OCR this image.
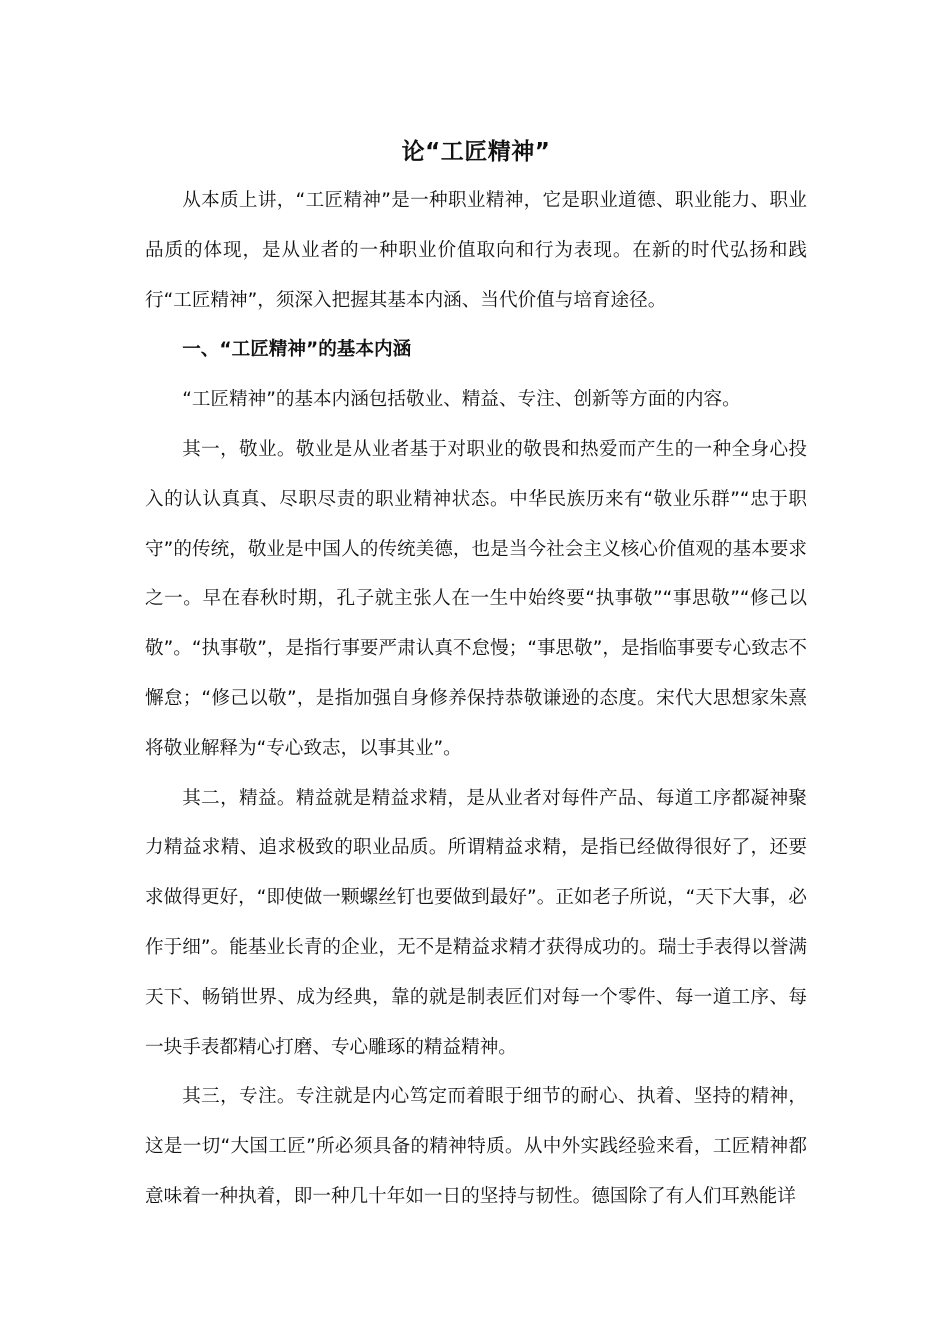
论“工匠精神”

从本质上讲，“工匠精神”是一种职业精神，它是职业道德、职业能力、职业品质的体现，是从业者的一种职业价值取向和行为表现。在新的时代弘扬和践行“工匠精神”，须深入把握其基本内涵、当代价值与培育途径。

一、“工匠精神”的基本内涵

“工匠精神”的基本内涵包括敬业、精益、专注、创新等方面的内容。

其一，敬业。敬业是从业者基于对职业的敬畏和热爱而产生的一种全身心投入的认认真真、尽职尽责的职业精神状态。中华民族历来有“敬业乐群”“忠于职守”的传统，敬业是中国人的传统美德，也是当今社会主义核心价值观的基本要求之一。早在春秋时期，孔子就主张人在一生中始终要“执事敬”“事思敬”“修己以敬”。“执事敬”，是指行事要严肃认真不怠慢；“事思敬”，是指临事要专心致志不懈怠；“修己以敬”，是指加强自身修养保持恭敬谦逊的态度。宋代大思想家朱熹将敬业解释为“专心致志，以事其业”。

其二，精益。精益就是精益求精，是从业者对每件产品、每道工序都凝神聚力精益求精、追求极致的职业品质。所谓精益求精，是指已经做得很好了，还要求做得更好，“即使做一颗螺丝钉也要做到最好”。正如老子所说，“天下大事，必作于细”。能基业长青的企业，无不是精益求精才获得成功的。瑞士手表得以誉满天下、畅销世界、成为经典，靠的就是制表匠们对每一个零件、每一道工序、每一块手表都精心打磨、专心雕琢的精益精神。

其三，专注。专注就是内心笃定而着眼于细节的耐心、执着、坚持的精神，这是一切“大国工匠”所必须具备的精神特质。从中外实践经验来看，工匠精神都意味着一种执着，即一种几十年如一日的坚持与韧性。德国除了有人们耳熟能详
